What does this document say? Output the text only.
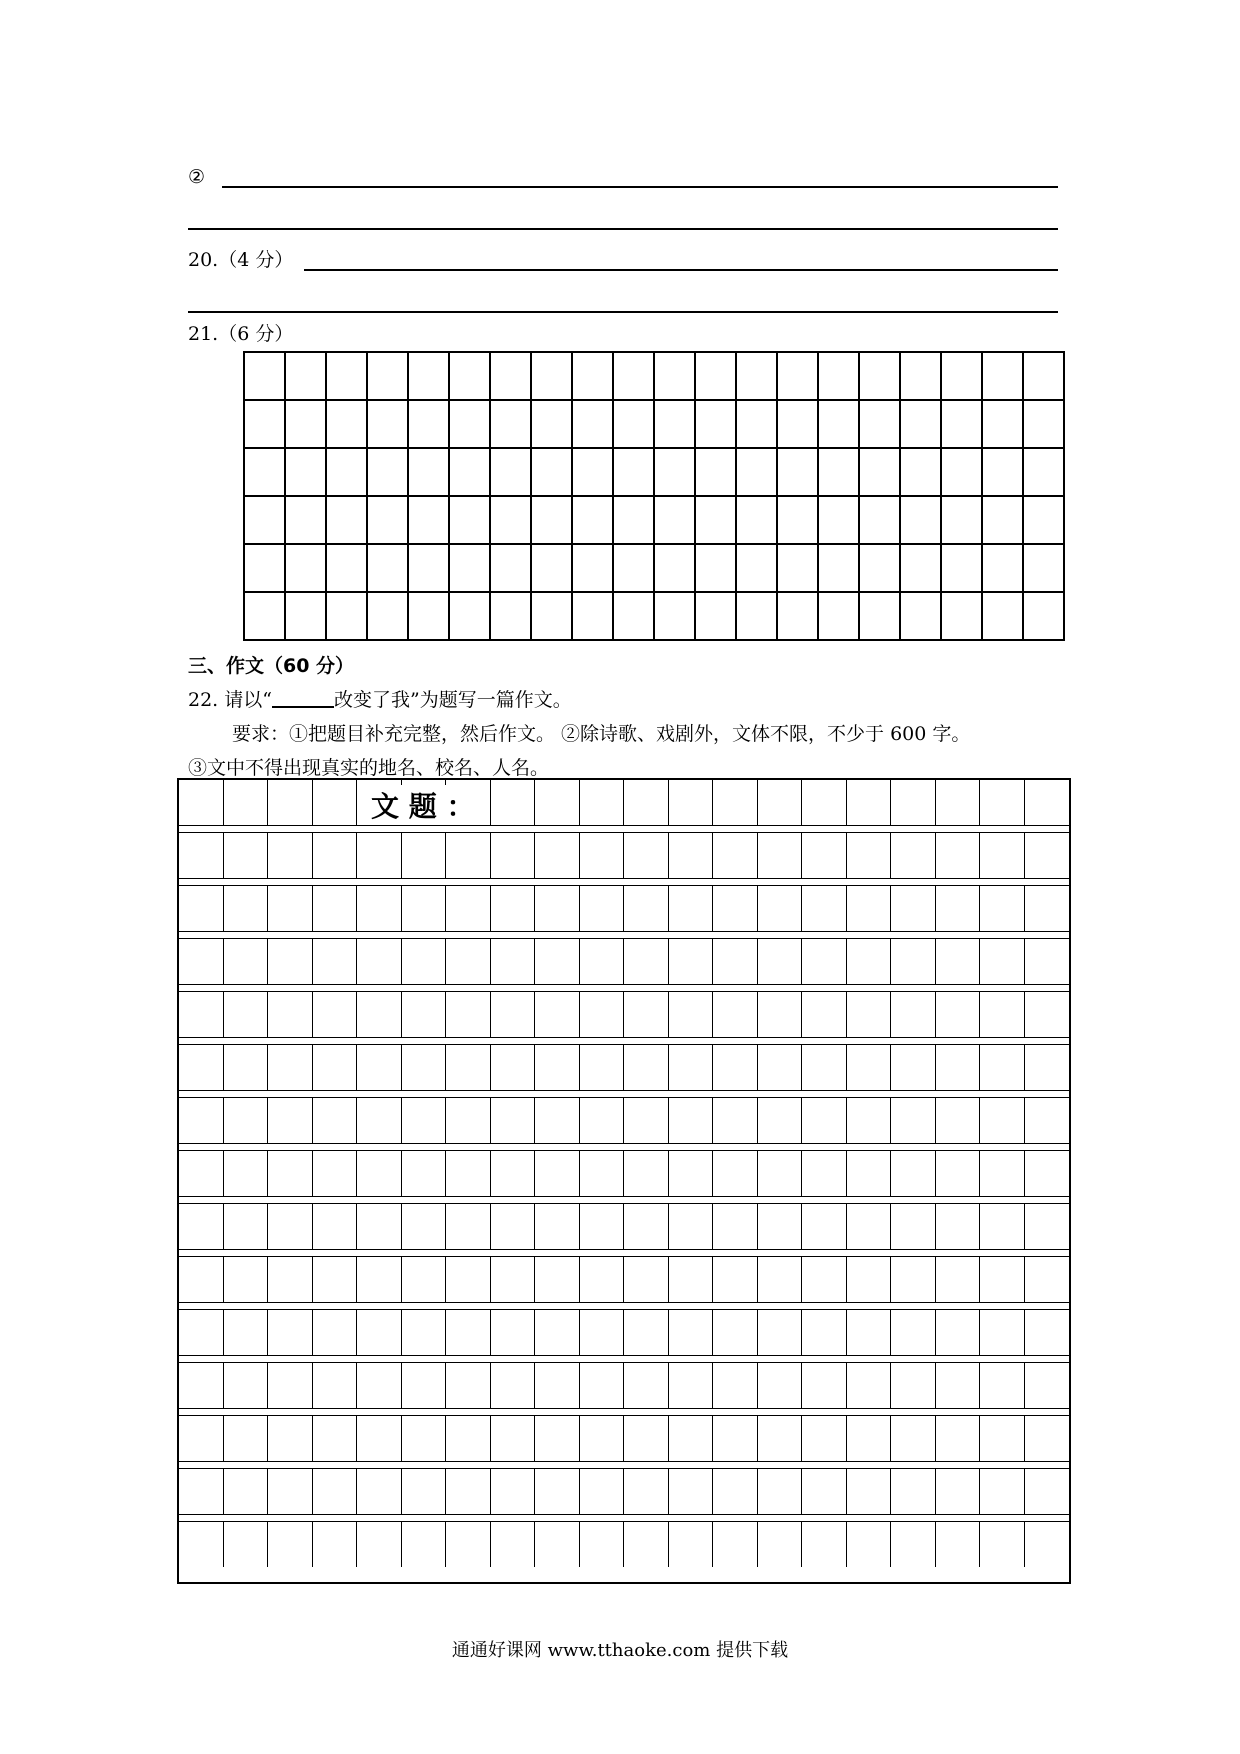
②
20.（4 分）
21.（6 分）

三、作文（60 分）
22. 请以“	改变了我”为题写一篇作文。
要求：①把题目补充完整，然后作文。 ②除诗歌、戏剧外，文体不限，不少于 600 字。
③文中不得出现真实的地名、校名、人名。
文 题 ：
通通好课网 www.tthaoke.com 提供下载
